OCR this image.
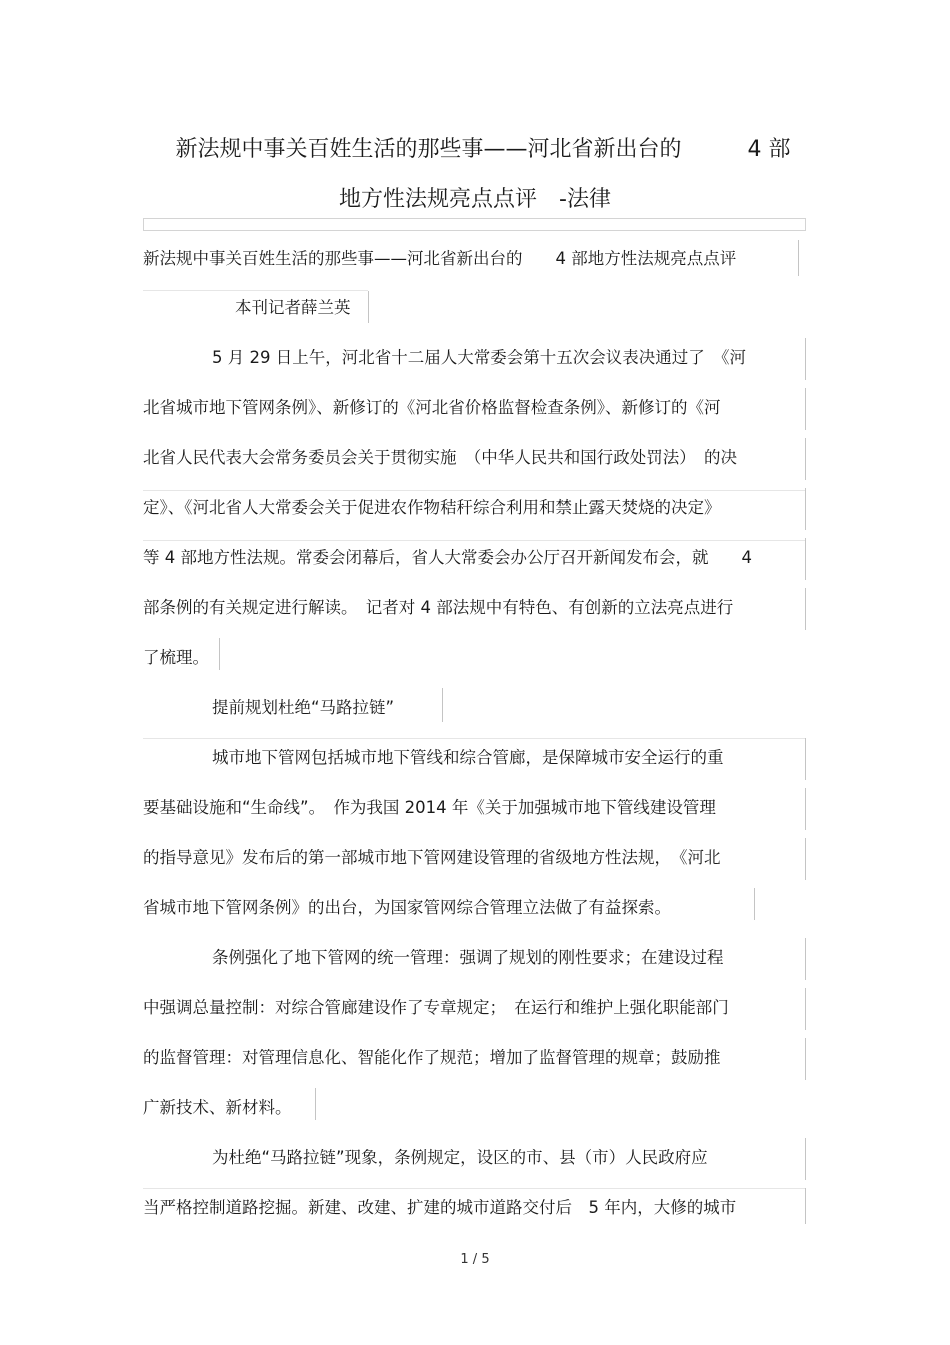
新法规中事关百姓生活的那些事——河北省新出台的　　　4 部
地方性法规亮点点评　-法律
新法规中事关百姓生活的那些事——河北省新出台的　　4 部地方性法规亮点点评
本刊记者薛兰英
5 月 29 日上午，河北省十二届人大常委会第十五次会议表决通过了　《河
北省城市地下管网条例》、新修订的《河北省价格监督检查条例》、新修订的《河
北省人民代表大会常务委员会关于贯彻实施　（中华人民共和国行政处罚法）　的决
定》、《河北省人大常委会关于促进农作物秸秆综合利用和禁止露天焚烧的决定》
等 4 部地方性法规。常委会闭幕后，省人大常委会办公厅召开新闻发布会，就　　4
部条例的有关规定进行解读。　记者对 4 部法规中有特色、有创新的立法亮点进行
了梳理。
提前规划杜绝“马路拉链”
城市地下管网包括城市地下管线和综合管廊，是保障城市安全运行的重
要基础设施和“生命线”。　作为我国 2014 年《关于加强城市地下管线建设管理
的指导意见》发布后的第一部城市地下管网建设管理的省级地方性法规，　《河北
省城市地下管网条例》的出台，为国家管网综合管理立法做了有益探索。
条例强化了地下管网的统一管理：强调了规划的刚性要求；在建设过程
中强调总量控制：对综合管廊建设作了专章规定；　在运行和维护上强化职能部门
的监督管理：对管理信息化、智能化作了规范；增加了监督管理的规章；鼓励推
广新技术、新材料。
为杜绝“马路拉链”现象，条例规定，设区的市、县（市）人民政府应
当严格控制道路挖掘。新建、改建、扩建的城市道路交付后　5 年内，大修的城市
1 / 5
